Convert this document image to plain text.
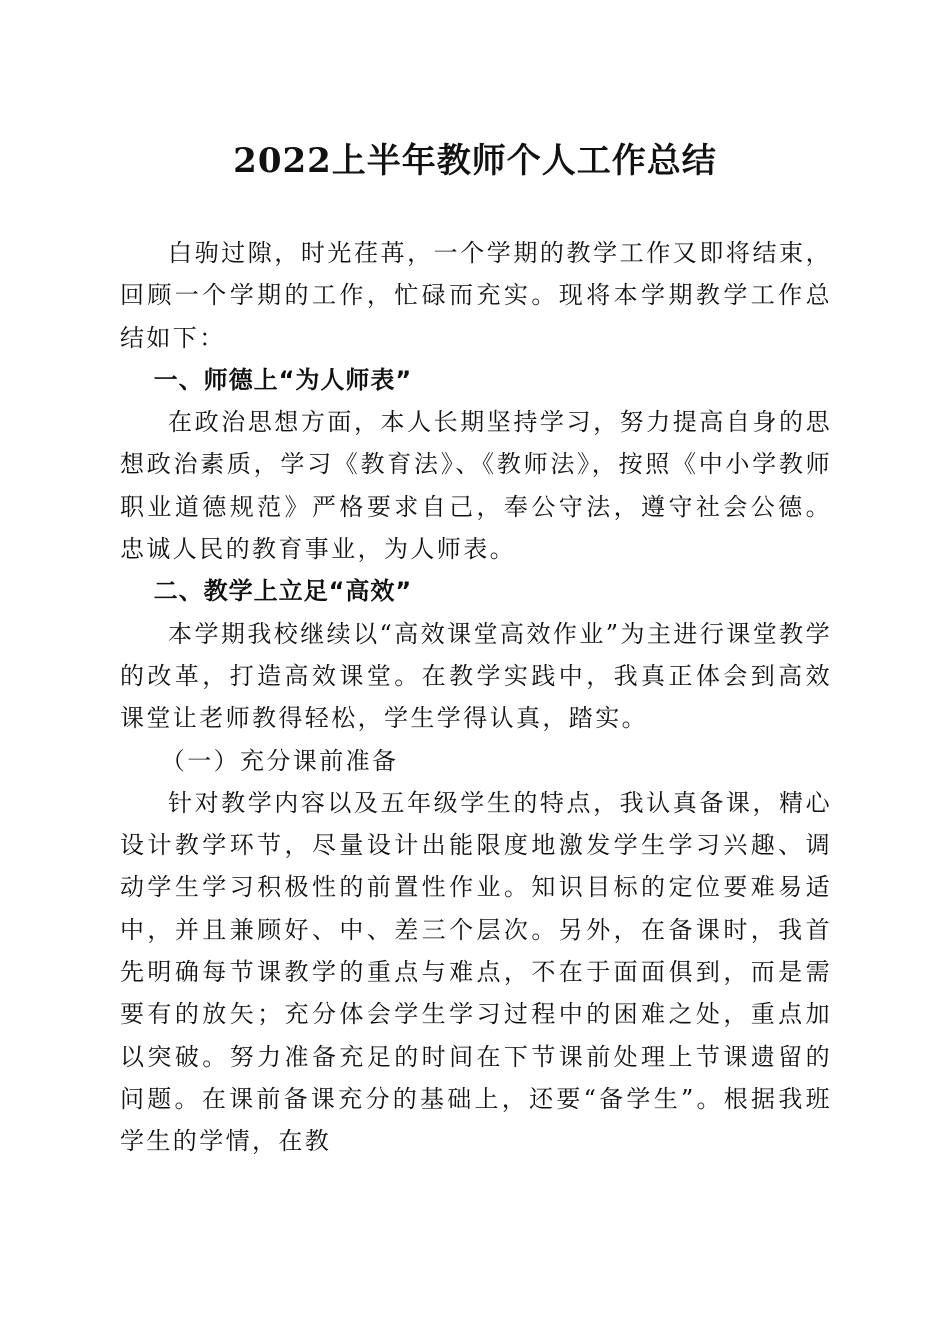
2022上半年教师个人工作总结

白驹过隙，时光荏苒，一个学期的教学工作又即将结束，回顾一个学期的工作，忙碌而充实。现将本学期教学工作总结如下：

一、师德上“为人师表”

在政治思想方面，本人长期坚持学习，努力提高自身的思想政治素质，学习《教育法》、《教师法》，按照《中小学教师职业道德规范》严格要求自己，奉公守法，遵守社会公德。忠诚人民的教育事业，为人师表。

二、教学上立足“高效”

本学期我校继续以“高效课堂高效作业”为主进行课堂教学的改革，打造高效课堂。在教学实践中，我真正体会到高效课堂让老师教得轻松，学生学得认真，踏实。

（一）充分课前准备

针对教学内容以及五年级学生的特点，我认真备课，精心设计教学环节，尽量设计出能限度地激发学生学习兴趣、调动学生学习积极性的前置性作业。知识目标的定位要难易适中，并且兼顾好、中、差三个层次。另外，在备课时，我首先明确每节课教学的重点与难点，不在于面面俱到，而是需要有的放矢；充分体会学生学习过程中的困难之处，重点加以突破。努力准备充足的时间在下节课前处理上节课遗留的问题。在课前备课充分的基础上，还要“备学生”。根据我班学生的学情，在教
